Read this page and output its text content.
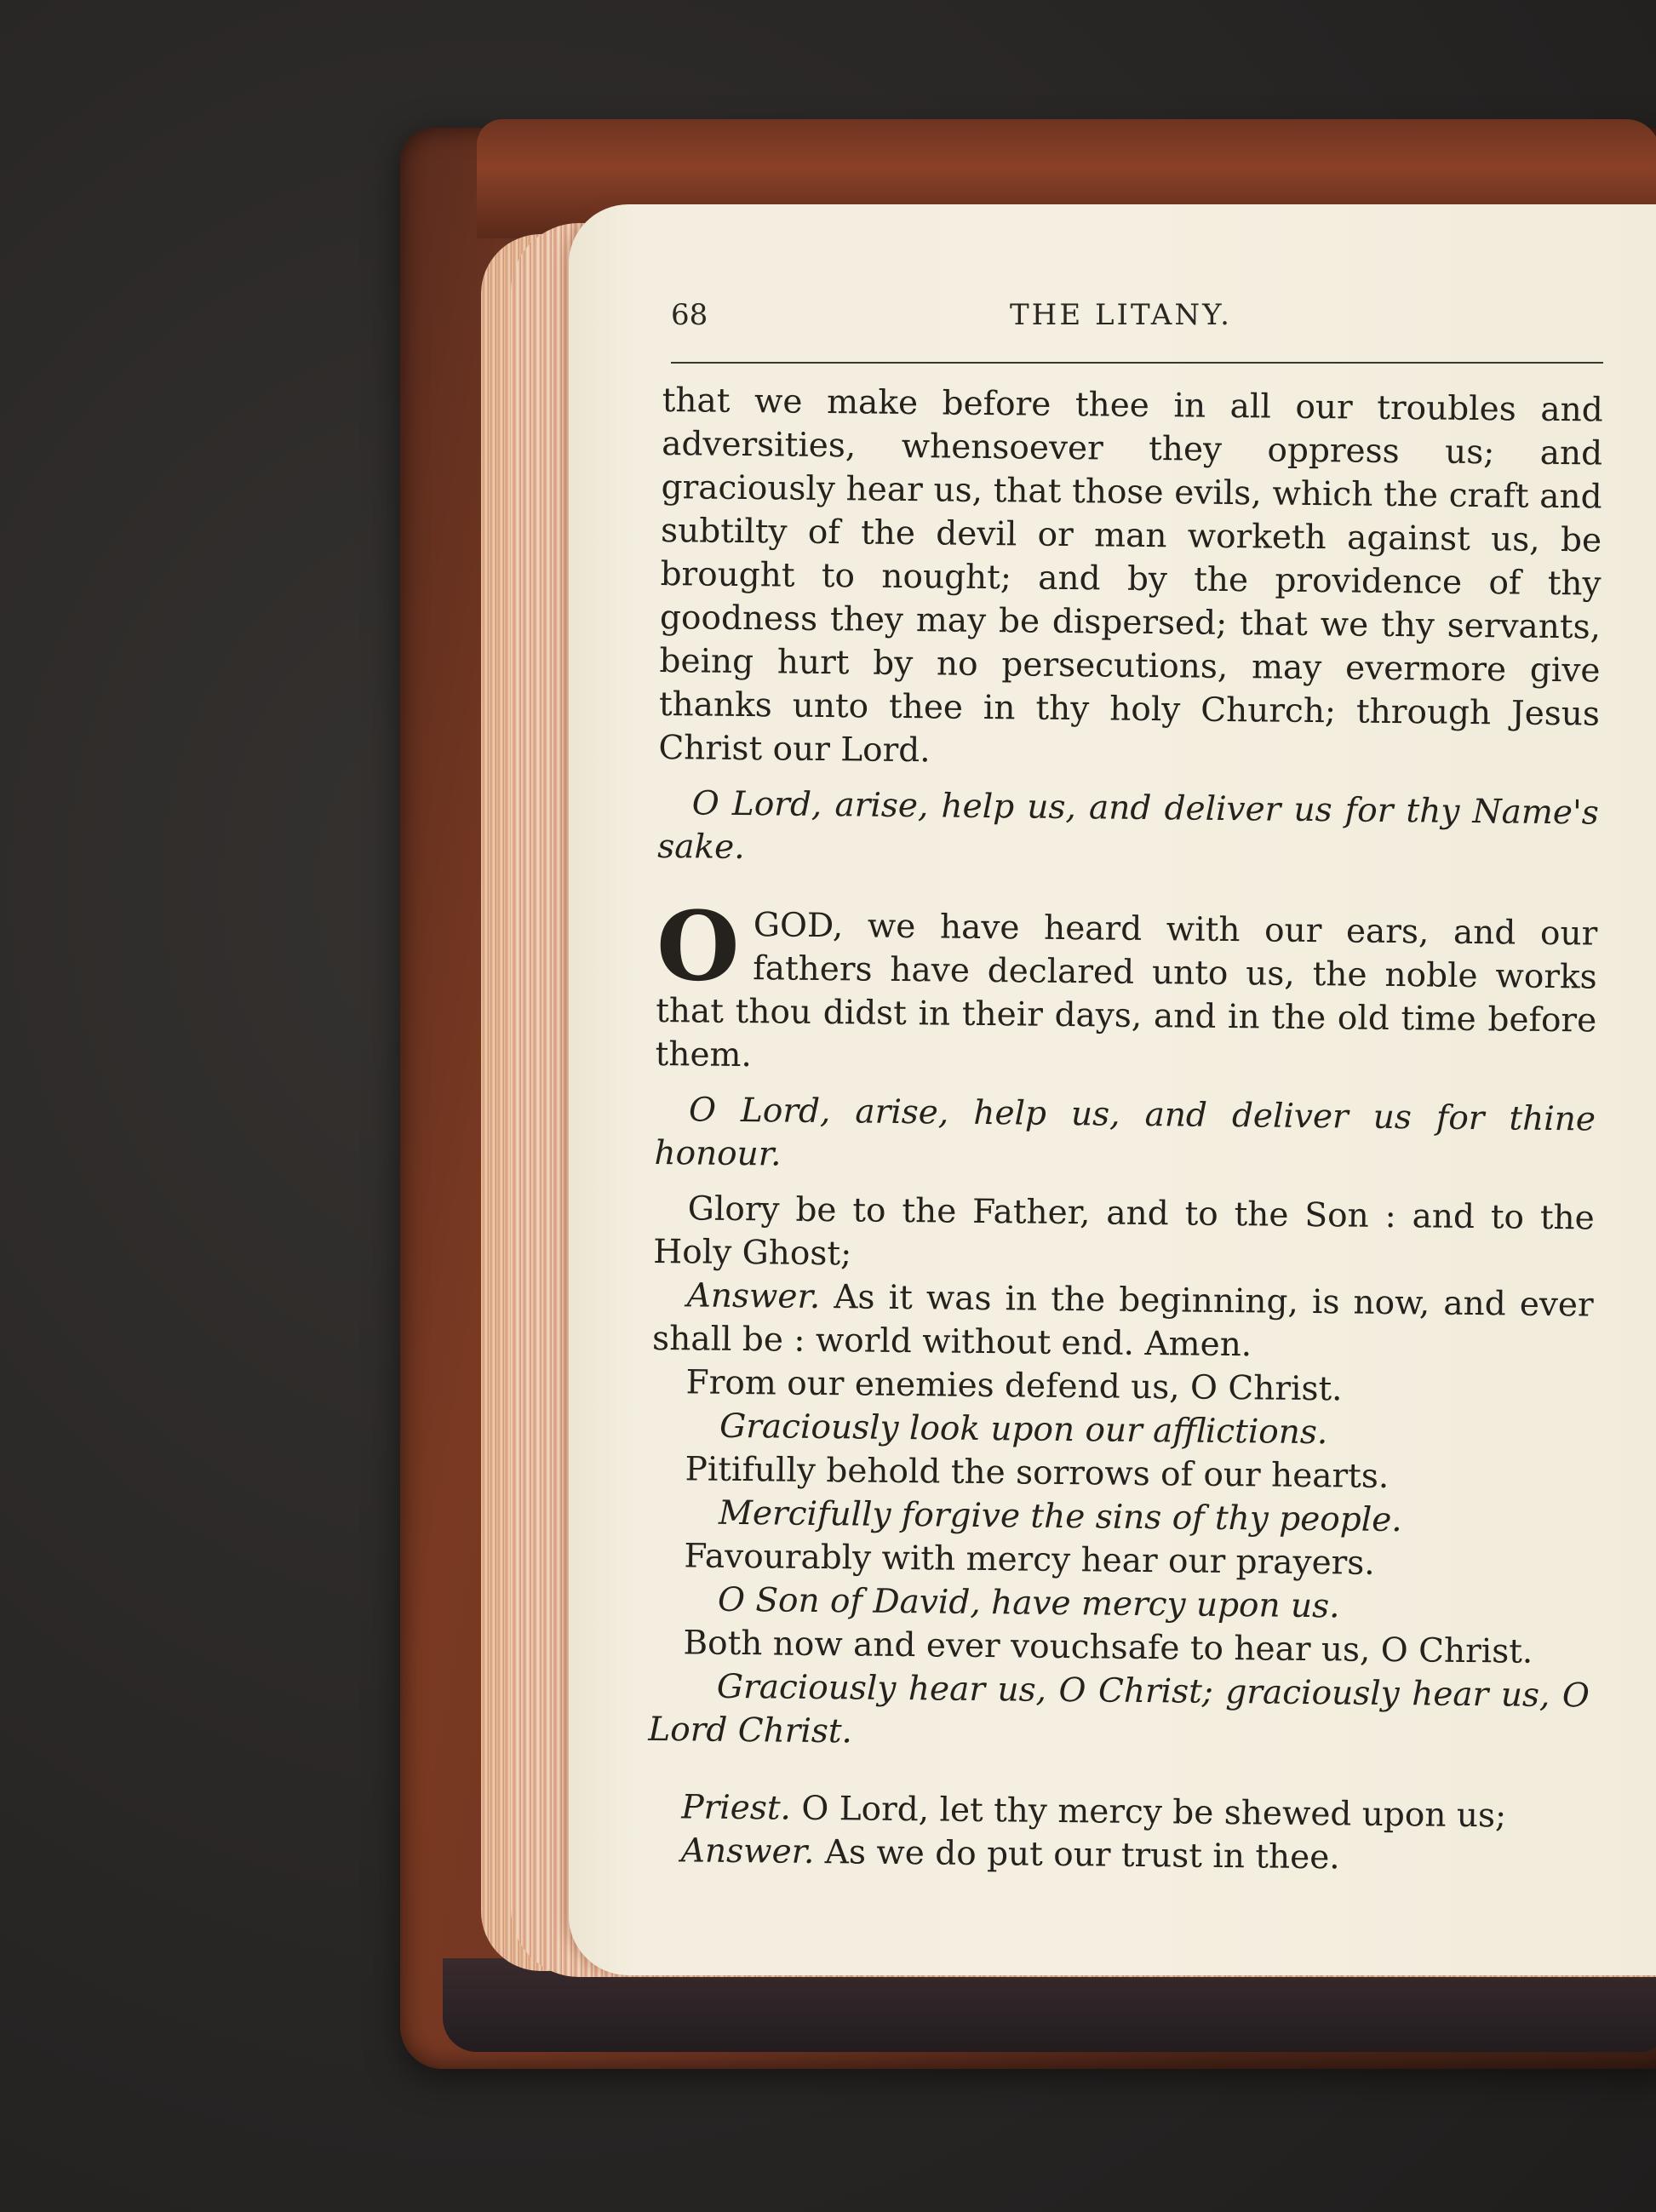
68	THE LITANY.

that we make before thee in all our troubles and adversities, whensoever they oppress us; and graciously hear us, that those evils, which the craft and subtilty of the devil or man worketh against us, be brought to nought; and by the providence of thy goodness they may be dispersed; that we thy servants, being hurt by no persecutions, may evermore give thanks unto thee in thy holy Church; through Jesus Christ our Lord.

O Lord, arise, help us, and deliver us for thy Name's sake.

O GOD, we have heard with our ears, and our fathers have declared unto us, the noble works that thou didst in their days, and in the old time before them.

O Lord, arise, help us, and deliver us for thine honour.

Glory be to the Father, and to the Son : and to the Holy Ghost;

Answer. As it was in the beginning, is now, and ever shall be : world without end. Amen.

From our enemies defend us, O Christ.

Graciously look upon our afflictions.

Pitifully behold the sorrows of our hearts.

Mercifully forgive the sins of thy people.

Favourably with mercy hear our prayers.

O Son of David, have mercy upon us.

Both now and ever vouchsafe to hear us, O Christ.

Graciously hear us, O Christ; graciously hear us, O Lord Christ.

Priest. O Lord, let thy mercy be shewed upon us;

Answer. As we do put our trust in thee.
